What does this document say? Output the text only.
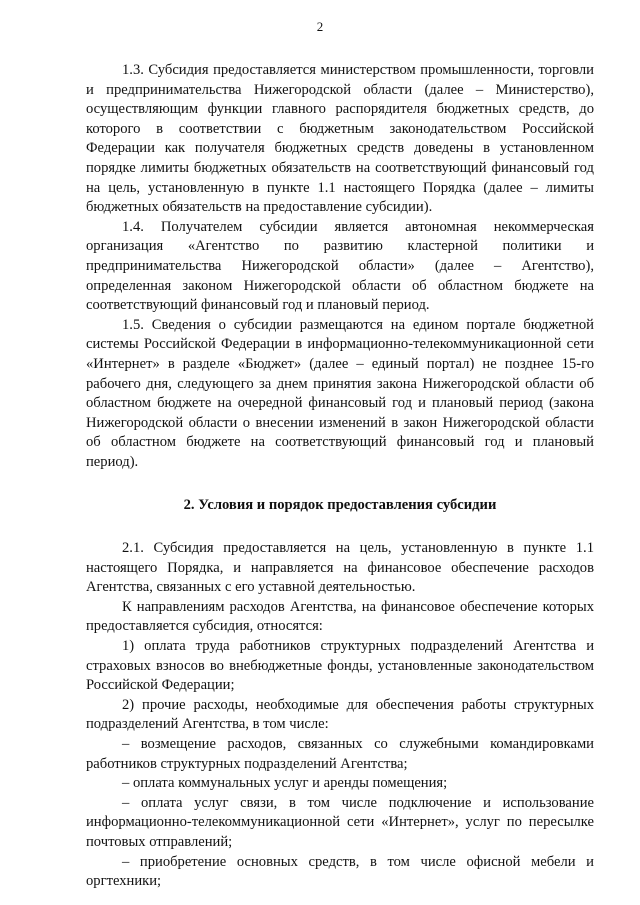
2

1.3. Субсидия предоставляется министерством промышленности, торговли и предпринимательства Нижегородской области (далее – Министерство), осуществляющим функции главного распорядителя бюджетных средств, до которого в соответствии с бюджетным законодательством Российской Федерации как получателя бюджетных средств доведены в установленном порядке лимиты бюджетных обязательств на соответствующий финансовый год на цель, установленную в пункте 1.1 настоящего Порядка (далее – лимиты бюджетных обязательств на предоставление субсидии).

1.4. Получателем субсидии является автономная некоммерческая организация «Агентство по развитию кластерной политики и предпринимательства Нижегородской области» (далее – Агентство), определенная законом Нижегородской области об областном бюджете на соответствующий финансовый год и плановый период.

1.5. Сведения о субсидии размещаются на едином портале бюджетной системы Российской Федерации в информационно-телекоммуникационной сети «Интернет» в разделе «Бюджет» (далее – единый портал) не позднее 15-го рабочего дня, следующего за днем принятия закона Нижегородской области об областном бюджете на очередной финансовый год и плановый период (закона Нижегородской области о внесении изменений в закон Нижегородской области об областном бюджете на соответствующий финансовый год и плановый период).

2. Условия и порядок предоставления субсидии

2.1. Субсидия предоставляется на цель, установленную в пункте 1.1 настоящего Порядка, и направляется на финансовое обеспечение расходов Агентства, связанных с его уставной деятельностью.

К направлениям расходов Агентства, на финансовое обеспечение которых предоставляется субсидия, относятся:

1) оплата труда работников структурных подразделений Агентства и страховых взносов во внебюджетные фонды, установленные законодательством Российской Федерации;

2) прочие расходы, необходимые для обеспечения работы структурных подразделений Агентства, в том числе:

– возмещение расходов, связанных со служебными командировками работников структурных подразделений Агентства;

– оплата коммунальных услуг и аренды помещения;

– оплата услуг связи, в том числе подключение и использование информационно-телекоммуникационной сети «Интернет», услуг по пересылке почтовых отправлений;

– приобретение основных средств, в том числе офисной мебели и оргтехники;
